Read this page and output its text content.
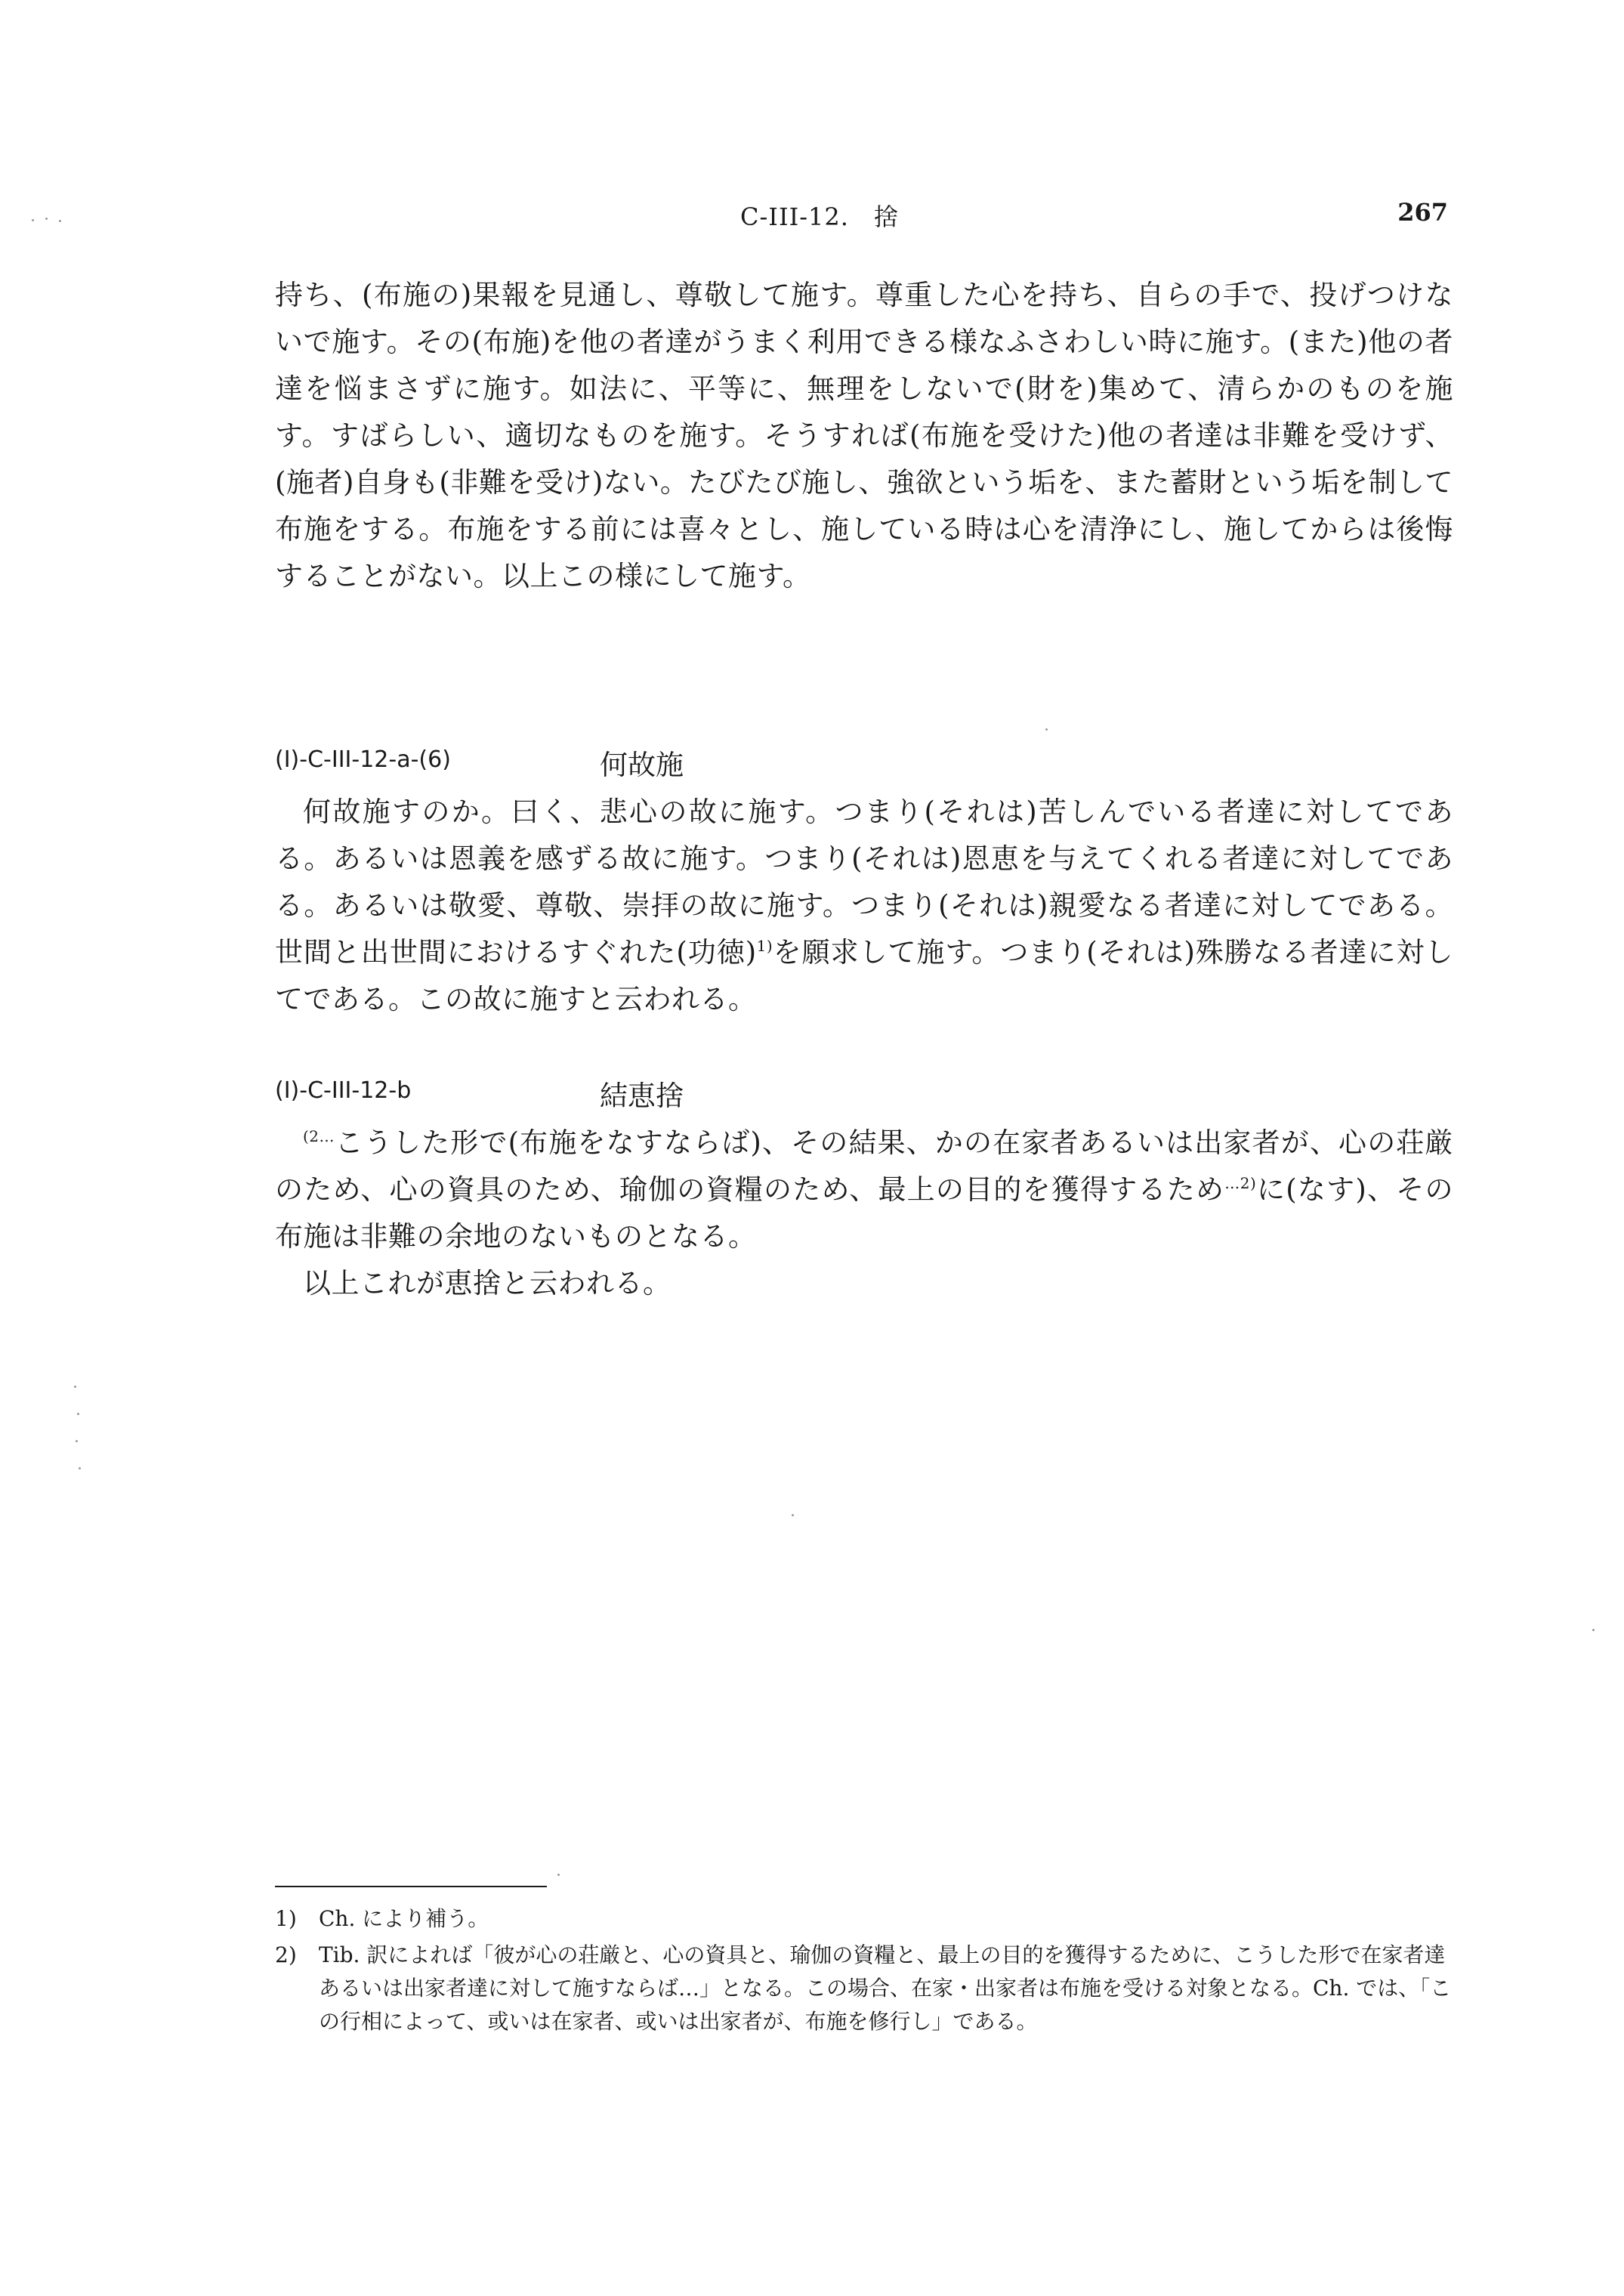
C-III-12.　捨	267
持ち、(布施の)果報を見通し、尊敬して施す。尊重した心を持ち、自らの手で、投げつけないで施す。その(布施)を他の者達がうまく利用できる様なふさわしい時に施す。(また)他の者達を悩まさずに施す。如法に、平等に、無理をしないで(財を)集めて、清らかのものを施す。すばらしい、適切なものを施す。そうすれば(布施を受けた)他の者達は非難を受けず、(施者)自身も(非難を受け)ない。たびたび施し、強欲という垢を、また蓄財という垢を制して布施をする。布施をする前には喜々とし、施している時は心を清浄にし、施してからは後悔することがない。以上この様にして施す。
(I)-C-III-12-a-(6)	何故施
何故施すのか。曰く、悲心の故に施す。つまり(それは)苦しんでいる者達に対してである。あるいは恩義を感ずる故に施す。つまり(それは)恩恵を与えてくれる者達に対してである。あるいは敬愛、尊敬、崇拝の故に施す。つまり(それは)親愛なる者達に対してである。世間と出世間におけるすぐれた(功徳)$^{1)}$を願求して施す。つまり(それは)殊勝なる者達に対してである。この故に施すと云われる。
(I)-C-III-12-b	結恵捨
$^{(2\dots}$こうした形で(布施をなすならば)、その結果、かの在家者あるいは出家者が、心の荘厳のため、心の資具のため、瑜伽の資糧のため、最上の目的を獲得するため$^{\dots 2)}$に(なす)、その布施は非難の余地のないものとなる。
以上これが恵捨と云われる。
1) Ch. により補う。
2) Tib. 訳によれば「彼が心の荘厳と、心の資具と、瑜伽の資糧と、最上の目的を獲得するために、こうした形で在家者達あるいは出家者達に対して施すならば…」となる。この場合、在家・出家者は布施を受ける対象となる。Ch. では、「この行相によって、或いは在家者、或いは出家者が、布施を修行し」である。
